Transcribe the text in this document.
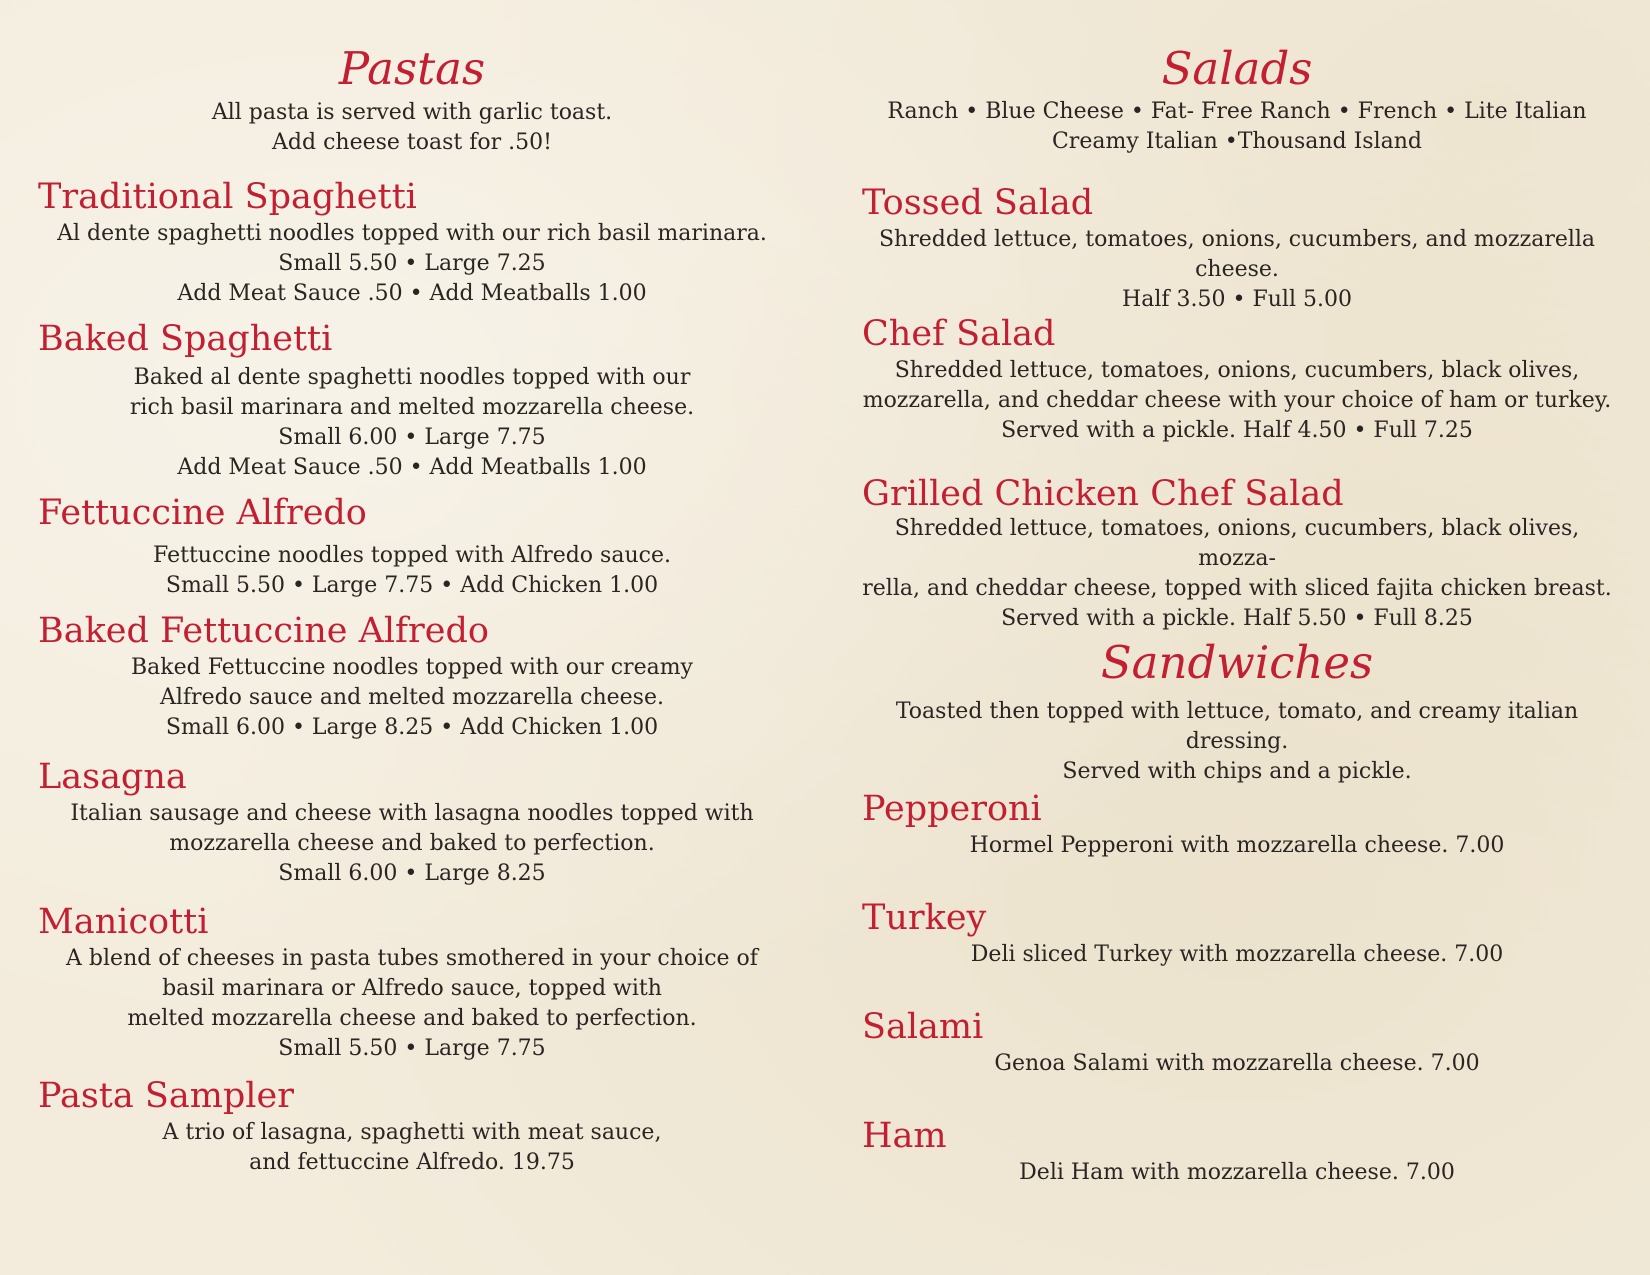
Pastas
All pasta is served with garlic toast.
Add cheese toast for .50!
Traditional Spaghetti
Al dente spaghetti noodles topped with our rich basil marinara.
Small 5.50 • Large 7.25
Add Meat Sauce .50 • Add Meatballs 1.00
Baked Spaghetti
Baked al dente spaghetti noodles topped with our
rich basil marinara and melted mozzarella cheese.
Small 6.00 • Large 7.75
Add Meat Sauce .50 • Add Meatballs 1.00
Fettuccine Alfredo
Fettuccine noodles topped with Alfredo sauce.
Small 5.50 • Large 7.75 • Add Chicken 1.00
Baked Fettuccine Alfredo
Baked Fettuccine noodles topped with our creamy
Alfredo sauce and melted mozzarella cheese.
Small 6.00 • Large 8.25 • Add Chicken 1.00
Lasagna
Italian sausage and cheese with lasagna noodles topped with
mozzarella cheese and baked to perfection.
Small 6.00 • Large 8.25
Manicotti
A blend of cheeses in pasta tubes smothered in your choice of
basil marinara or Alfredo sauce, topped with
melted mozzarella cheese and baked to perfection.
Small 5.50 • Large 7.75
Pasta Sampler
A trio of lasagna, spaghetti with meat sauce,
and fettuccine Alfredo. 19.75
Salads
Ranch • Blue Cheese • Fat- Free Ranch • French • Lite Italian
Creamy Italian •Thousand Island
Tossed Salad
Shredded lettuce, tomatoes, onions, cucumbers, and mozzarella cheese.
Half 3.50 • Full 5.00
Chef Salad
Shredded lettuce, tomatoes, onions, cucumbers, black olives,
mozzarella, and cheddar cheese with your choice of ham or turkey.
Served with a pickle. Half 4.50 • Full 7.25
Grilled Chicken Chef Salad
Shredded lettuce, tomatoes, onions, cucumbers, black olives, mozza-
rella, and cheddar cheese, topped with sliced fajita chicken breast.
Served with a pickle. Half 5.50 • Full 8.25
Sandwiches
Toasted then topped with lettuce, tomato, and creamy italian dressing.
Served with chips and a pickle.
Pepperoni
Hormel Pepperoni with mozzarella cheese. 7.00
Turkey
Deli sliced Turkey with mozzarella cheese. 7.00
Salami
Genoa Salami with mozzarella cheese. 7.00
Ham
Deli Ham with mozzarella cheese. 7.00
